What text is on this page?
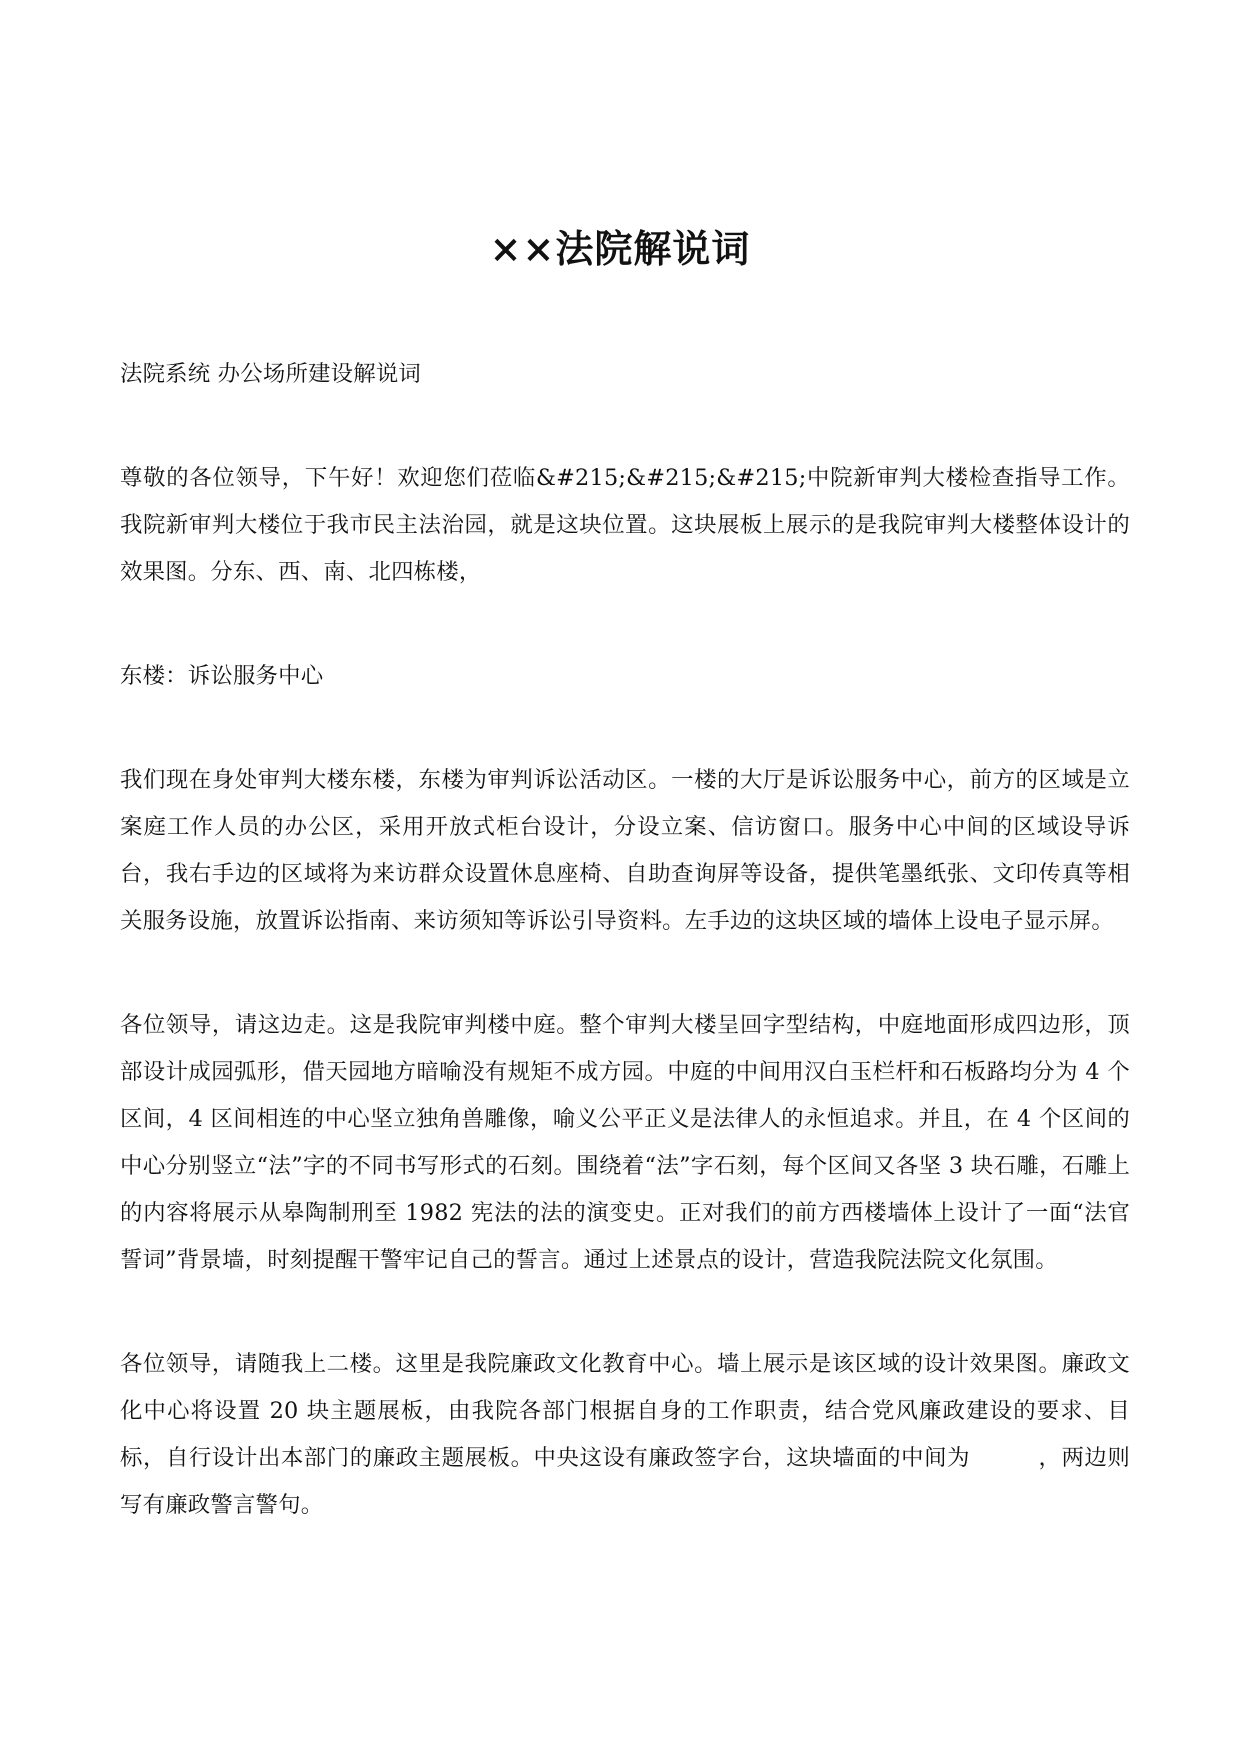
××法院解说词

法院系统 办公场所建设解说词

尊敬的各位领导，下午好！欢迎您们莅临&#215;&#215;&#215;中院新审判大楼检查指导工作。我院新审判大楼位于我市民主法治园，就是这块位置。这块展板上展示的是我院审判大楼整体设计的效果图。分东、西、南、北四栋楼，

东楼：诉讼服务中心

我们现在身处审判大楼东楼，东楼为审判诉讼活动区。一楼的大厅是诉讼服务中心，前方的区域是立案庭工作人员的办公区，采用开放式柜台设计，分设立案、信访窗口。服务中心中间的区域设导诉台，我右手边的区域将为来访群众设置休息座椅、自助查询屏等设备，提供笔墨纸张、文印传真等相关服务设施，放置诉讼指南、来访须知等诉讼引导资料。左手边的这块区域的墙体上设电子显示屏。

各位领导，请这边走。这是我院审判楼中庭。整个审判大楼呈回字型结构，中庭地面形成四边形，顶部设计成园弧形，借天园地方暗喻没有规矩不成方园。中庭的中间用汉白玉栏杆和石板路均分为 4 个区间，4 区间相连的中心坚立独角兽雕像，喻义公平正义是法律人的永恒追求。并且，在 4 个区间的中心分别竖立“法”字的不同书写形式的石刻。围绕着“法”字石刻，每个区间又各坚 3 块石雕，石雕上的内容将展示从皋陶制刑至 1982 宪法的法的演变史。正对我们的前方西楼墙体上设计了一面“法官誓词”背景墙，时刻提醒干警牢记自己的誓言。通过上述景点的设计，营造我院法院文化氛围。

各位领导，请随我上二楼。这里是我院廉政文化教育中心。墙上展示是该区域的设计效果图。廉政文化中心将设置 20 块主题展板，由我院各部门根据自身的工作职责，结合党风廉政建设的要求、目标，自行设计出本部门的廉政主题展板。中央这设有廉政签字台，这块墙面的中间为	，两边则写有廉政警言警句。
